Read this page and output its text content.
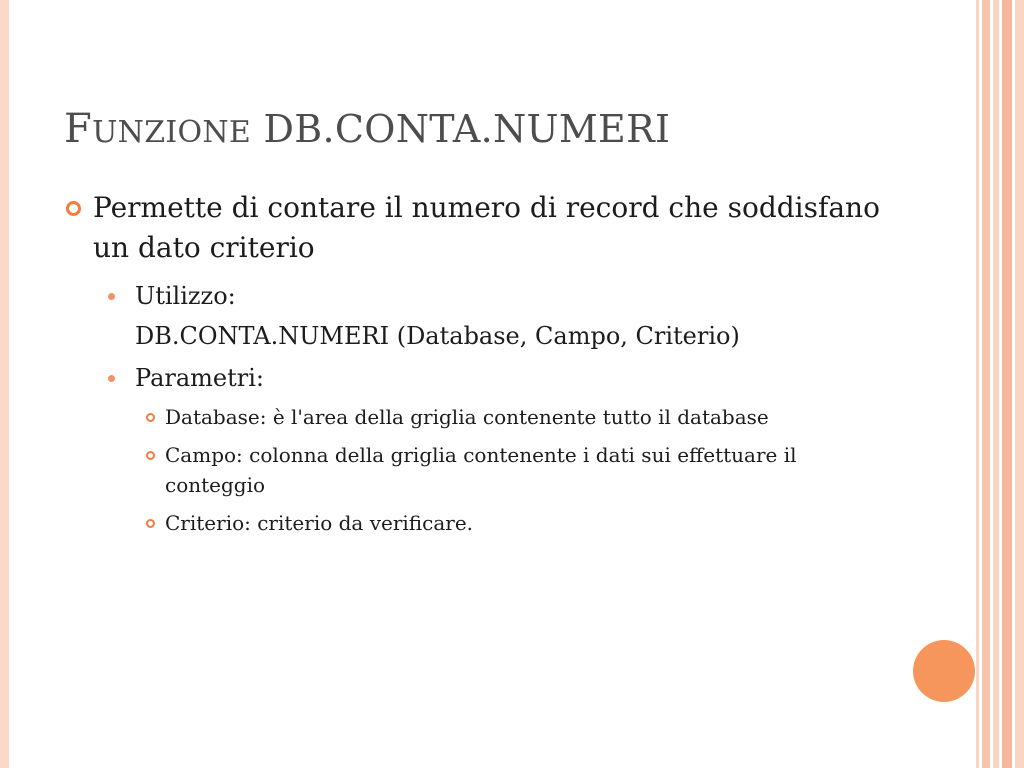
FUNZIONE DB.CONTA.NUMERI
Permette di contare il numero di record che soddisfano un dato criterio
Utilizzo:
DB.CONTA.NUMERI (Database, Campo, Criterio)
Parametri:
Database: è l'area della griglia contenente tutto il database
Campo: colonna della griglia contenente i dati sui effettuare il conteggio
Criterio: criterio da verificare.
